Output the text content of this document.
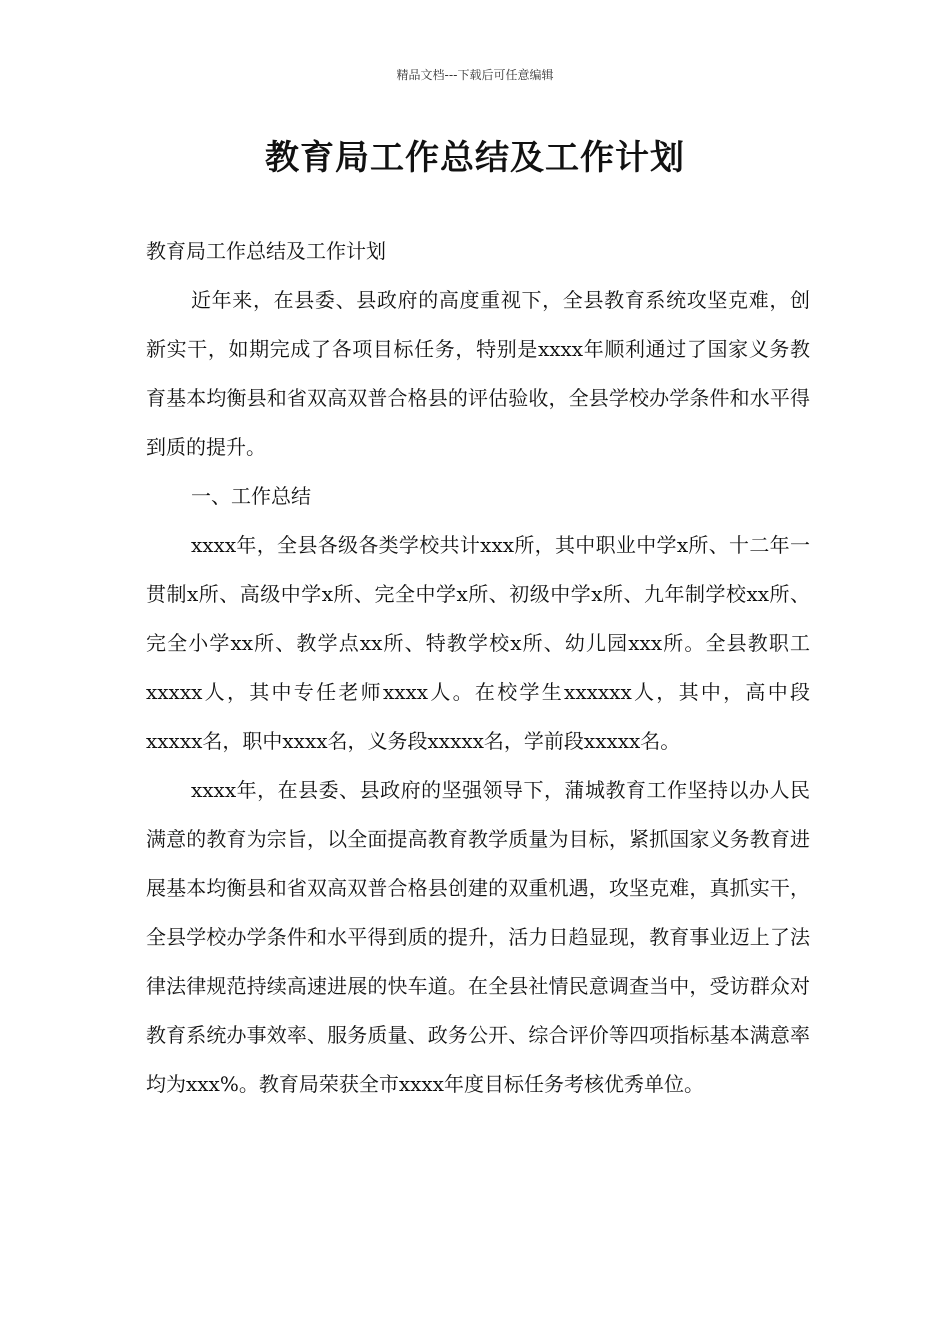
精品文档---下载后可任意编辑
教育局工作总结及工作计划

教育局工作总结及工作计划

近年来，在县委、县政府的高度重视下，全县教育系统攻坚克难，创新实干，如期完成了各项目标任务，特别是xxxx年顺利通过了国家义务教育基本均衡县和省双高双普合格县的评估验收，全县学校办学条件和水平得到质的提升。

一、工作总结

xxxx年，全县各级各类学校共计xxx所，其中职业中学x所、十二年一贯制x所、高级中学x所、完全中学x所、初级中学x所、九年制学校xx所、完全小学xx所、教学点xx所、特教学校x所、幼儿园xxx所。全县教职工xxxxx人，其中专任老师xxxx人。在校学生xxxxxx人，其中，高中段xxxxx名，职中xxxx名，义务段xxxxx名，学前段xxxxx名。

xxxx年，在县委、县政府的坚强领导下，蒲城教育工作坚持以办人民满意的教育为宗旨，以全面提高教育教学质量为目标，紧抓国家义务教育进展基本均衡县和省双高双普合格县创建的双重机遇，攻坚克难，真抓实干，全县学校办学条件和水平得到质的提升，活力日趋显现，教育事业迈上了法律法律规范持续高速进展的快车道。在全县社情民意调查当中，受访群众对教育系统办事效率、服务质量、政务公开、综合评价等四项指标基本满意率均为xxx%。教育局荣获全市xxxx年度目标任务考核优秀单位。
